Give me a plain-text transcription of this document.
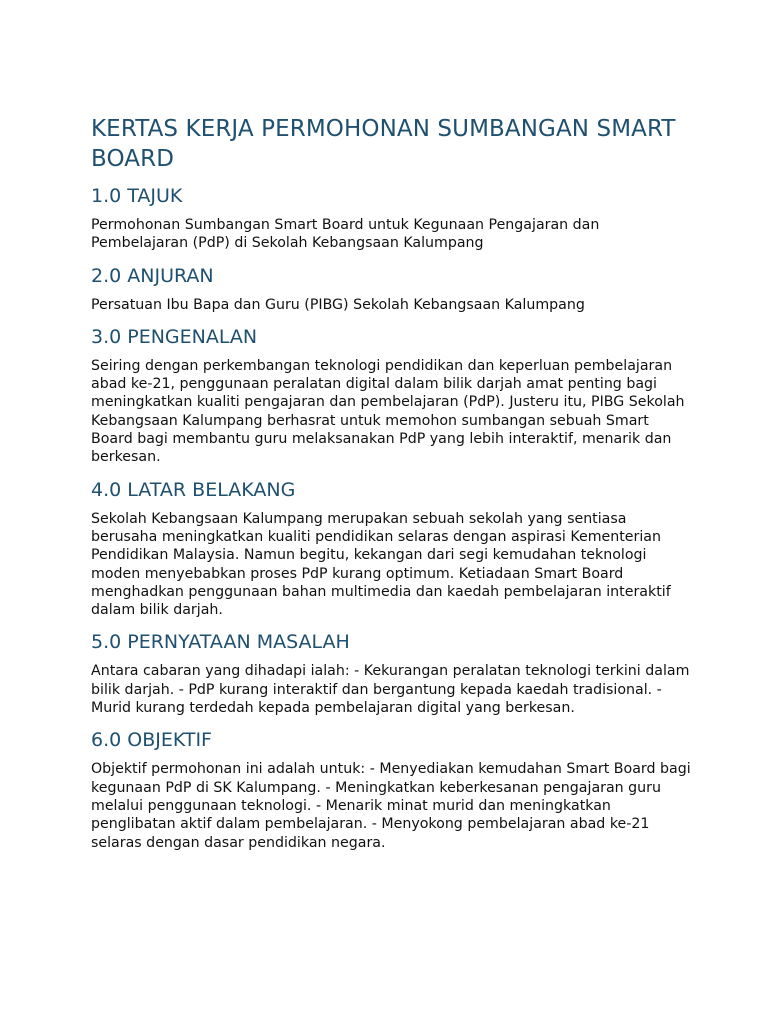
KERTAS KERJA PERMOHONAN SUMBANGAN SMART BOARD
1.0 TAJUK

Permohonan Sumbangan Smart Board untuk Kegunaan Pengajaran dan Pembelajaran (PdP) di Sekolah Kebangsaan Kalumpang

2.0 ANJURAN

Persatuan Ibu Bapa dan Guru (PIBG) Sekolah Kebangsaan Kalumpang

3.0 PENGENALAN

Seiring dengan perkembangan teknologi pendidikan dan keperluan pembelajaran abad ke-21, penggunaan peralatan digital dalam bilik darjah amat penting bagi meningkatkan kualiti pengajaran dan pembelajaran (PdP). Justeru itu, PIBG Sekolah Kebangsaan Kalumpang berhasrat untuk memohon sumbangan sebuah Smart Board bagi membantu guru melaksanakan PdP yang lebih interaktif, menarik dan berkesan.

4.0 LATAR BELAKANG

Sekolah Kebangsaan Kalumpang merupakan sebuah sekolah yang sentiasa berusaha meningkatkan kualiti pendidikan selaras dengan aspirasi Kementerian Pendidikan Malaysia. Namun begitu, kekangan dari segi kemudahan teknologi moden menyebabkan proses PdP kurang optimum. Ketiadaan Smart Board menghadkan penggunaan bahan multimedia dan kaedah pembelajaran interaktif dalam bilik darjah.

5.0 PERNYATAAN MASALAH

Antara cabaran yang dihadapi ialah: - Kekurangan peralatan teknologi terkini dalam bilik darjah. - PdP kurang interaktif dan bergantung kepada kaedah tradisional. - Murid kurang terdedah kepada pembelajaran digital yang berkesan.

6.0 OBJEKTIF

Objektif permohonan ini adalah untuk: - Menyediakan kemudahan Smart Board bagi kegunaan PdP di SK Kalumpang. - Meningkatkan keberkesanan pengajaran guru melalui penggunaan teknologi. - Menarik minat murid dan meningkatkan penglibatan aktif dalam pembelajaran. - Menyokong pembelajaran abad ke-21 selaras dengan dasar pendidikan negara.
